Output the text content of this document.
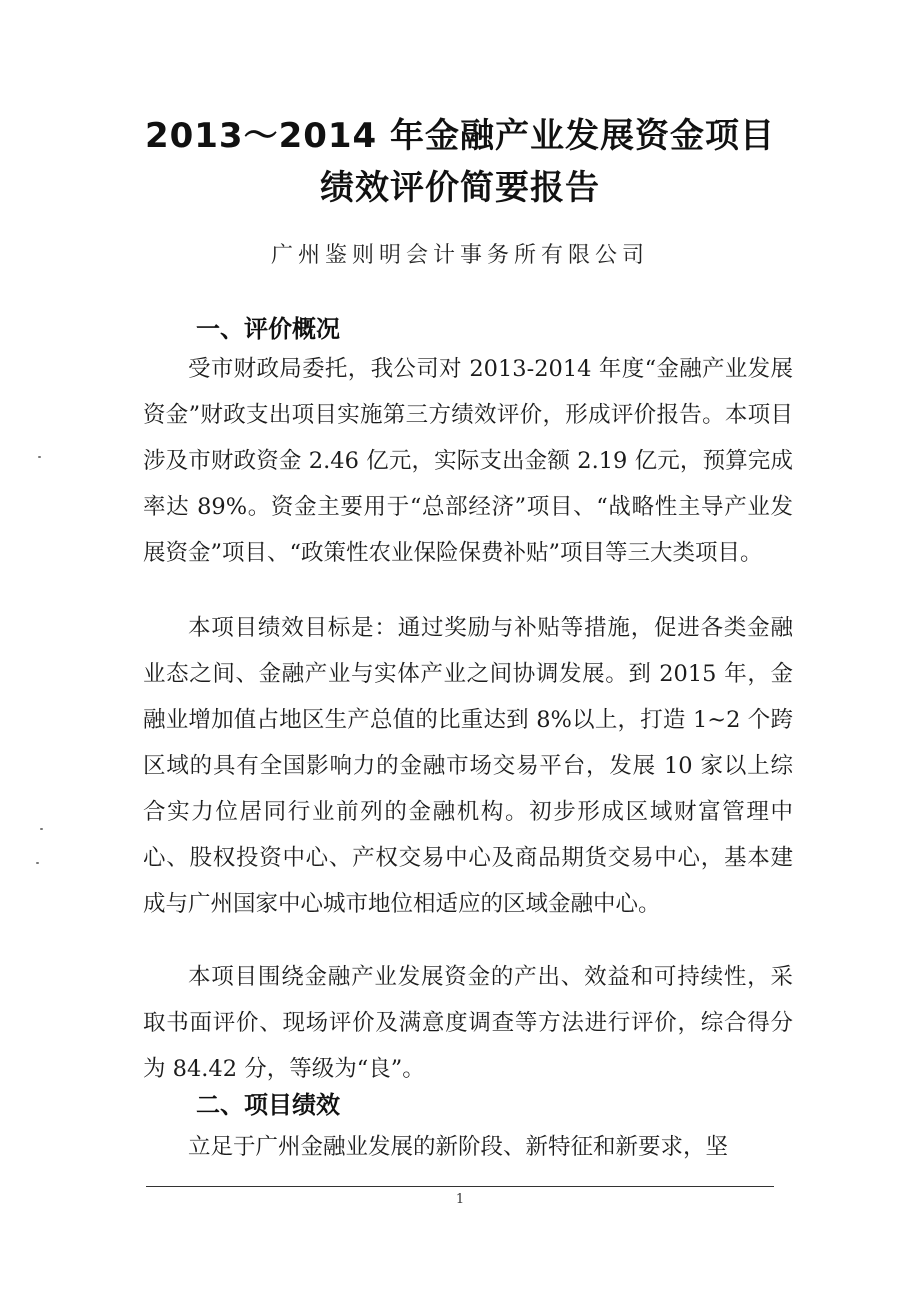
2013～2014 年金融产业发展资金项目
绩效评价简要报告
广州鉴则明会计事务所有限公司
一、评价概况

受市财政局委托，我公司对 2013-2014 年度“金融产业发展资金”财政支出项目实施第三方绩效评价，形成评价报告。本项目涉及市财政资金 2.46 亿元，实际支出金额 2.19 亿元，预算完成率达 89%。资金主要用于“总部经济”项目、“战略性主导产业发展资金”项目、“政策性农业保险保费补贴”项目等三大类项目。

本项目绩效目标是：通过奖励与补贴等措施，促进各类金融业态之间、金融产业与实体产业之间协调发展。到 2015 年，金融业增加值占地区生产总值的比重达到 8%以上，打造 1~2 个跨区域的具有全国影响力的金融市场交易平台，发展 10 家以上综合实力位居同行业前列的金融机构。初步形成区域财富管理中心、股权投资中心、产权交易中心及商品期货交易中心，基本建成与广州国家中心城市地位相适应的区域金融中心。

本项目围绕金融产业发展资金的产出、效益和可持续性，采取书面评价、现场评价及满意度调查等方法进行评价，综合得分为 84.42 分，等级为“良”。

二、项目绩效

立足于广州金融业发展的新阶段、新特征和新要求，坚

1
